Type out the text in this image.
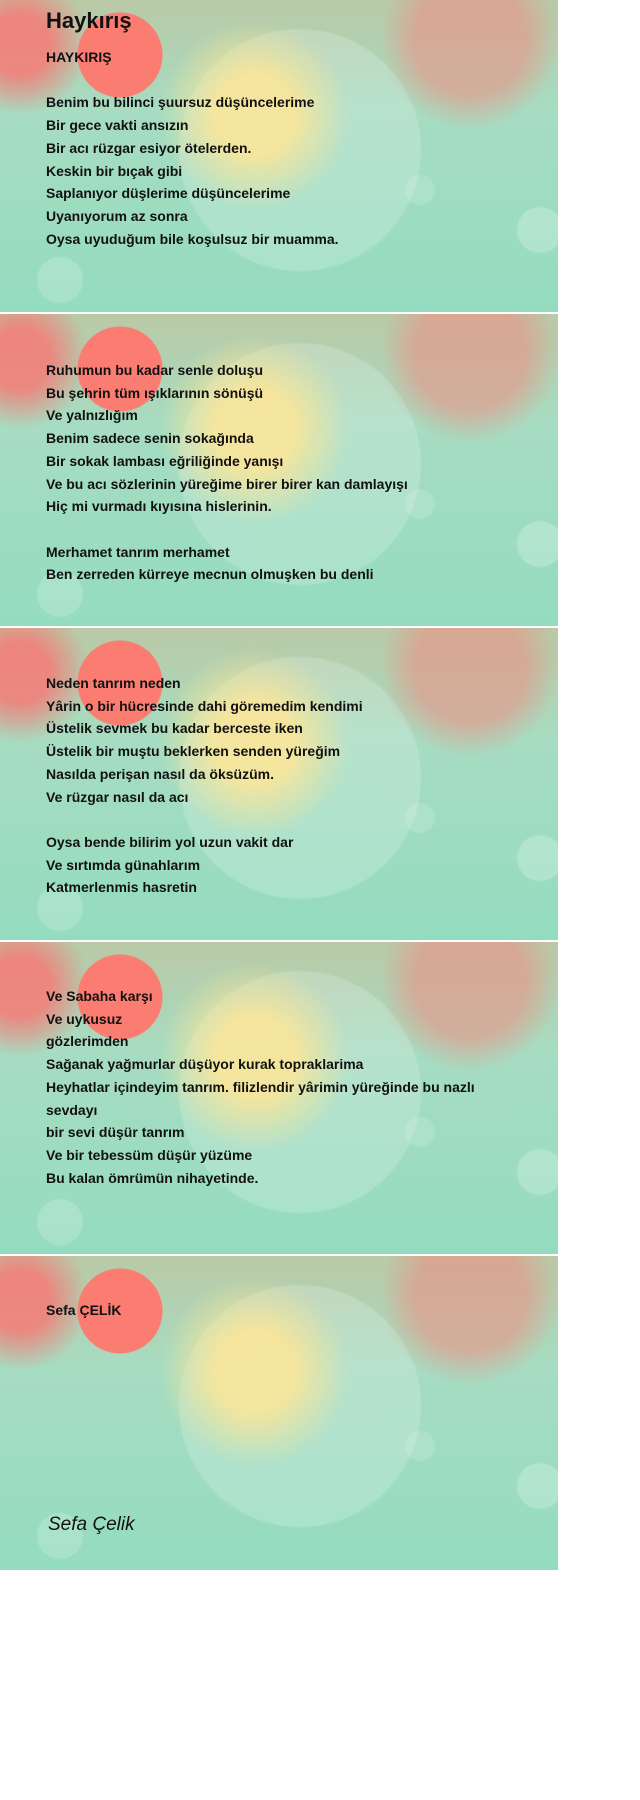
Haykırış
HAYKIRIŞ
Benim bu bilinci şuursuz düşüncelerime
Bir gece vakti ansızın
Bir acı rüzgar esiyor ötelerden.
Keskin bir bıçak gibi
Saplanıyor düşlerime düşüncelerime
Uyanıyorum az sonra
Oysa uyuduğum bile koşulsuz bir muamma.
Ruhumun bu kadar senle doluşu
Bu şehrin tüm ışıklarının sönüşü
Ve yalnızlığım
Benim sadece senin sokağında
Bir sokak lambası eğriliğinde yanışı
Ve bu acı sözlerinin yüreğime birer birer kan damlayışı
Hiç mi vurmadı kıyısına hislerinin.
Merhamet tanrım merhamet
Ben zerreden kürreye mecnun olmuşken bu denli
Neden tanrım neden
Yârin o bir hücresinde dahi göremedim kendimi
Üstelik sevmek bu kadar berceste iken
Üstelik bir muştu beklerken senden yüreğim
Nasılda perişan nasıl da öksüzüm.
Ve rüzgar nasıl da acı
Oysa bende bilirim yol uzun vakit dar
Ve sırtımda günahlarım
Katmerlenmis hasretin
Ve Sabaha karşı
Ve uykusuz
gözlerimden
Sağanak yağmurlar düşüyor kurak topraklarima
Heyhatlar içindeyim tanrım. filizlendir yârimin yüreğinde bu nazlı sevdayı
bir sevi düşür tanrım
Ve bir tebessüm düşür yüzüme
Bu kalan ömrümün nihayetinde.
Sefa ÇELİK
Sefa Çelik
